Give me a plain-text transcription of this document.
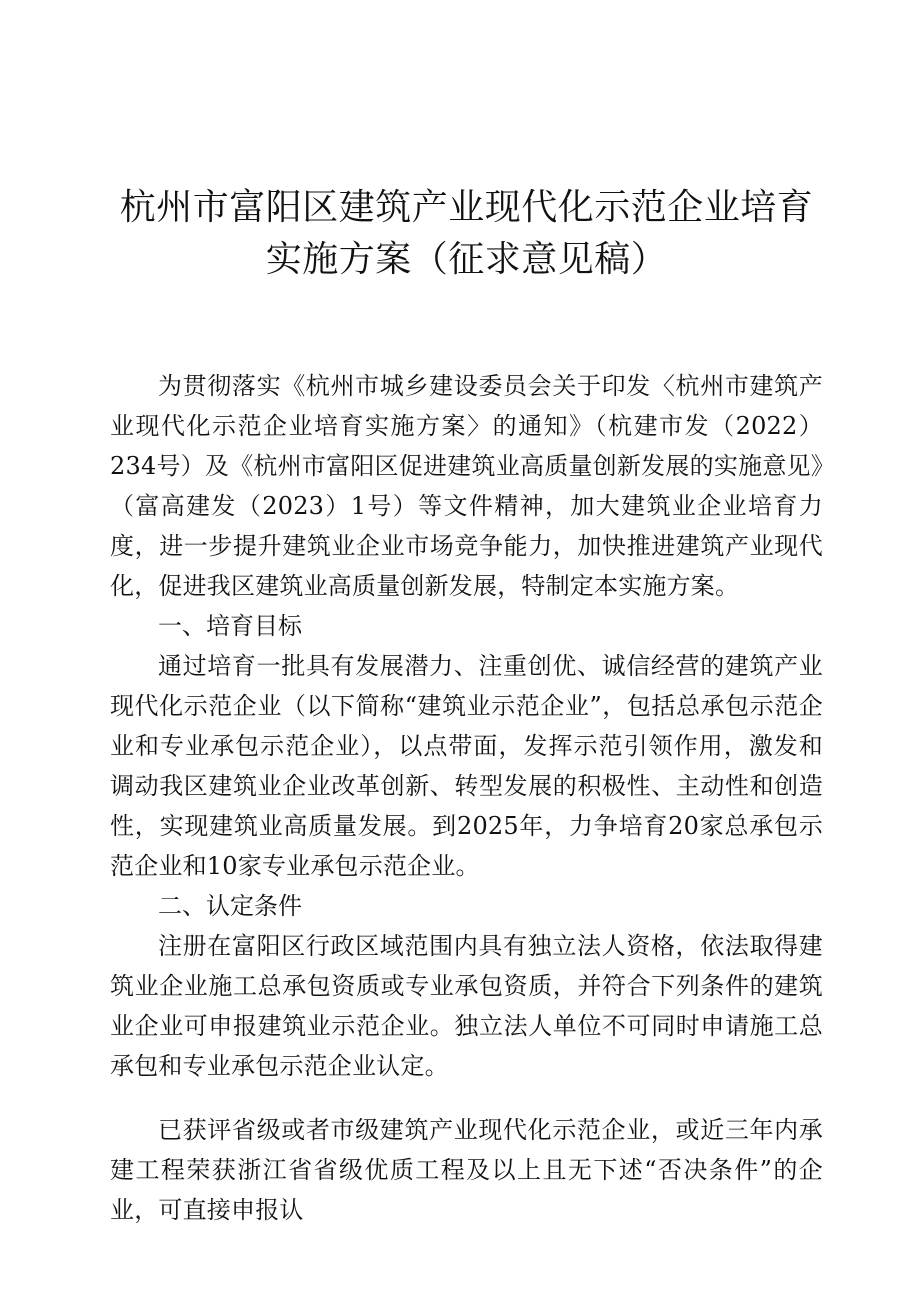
杭州市富阳区建筑产业现代化示范企业培育
实施方案（征求意见稿）

为贯彻落实《杭州市城乡建设委员会关于印发〈杭州市建筑产业现代化示范企业培育实施方案〉的通知》（杭建市发（2022）234号）及《杭州市富阳区促进建筑业高质量创新发展的实施意见》（富高建发（2023）1号）等文件精神，加大建筑业企业培育力度，进一步提升建筑业企业市场竞争能力，加快推进建筑产业现代化，促进我区建筑业高质量创新发展，特制定本实施方案。

一、培育目标

通过培育一批具有发展潜力、注重创优、诚信经营的建筑产业现代化示范企业（以下简称“建筑业示范企业”，包括总承包示范企业和专业承包示范企业），以点带面，发挥示范引领作用，激发和调动我区建筑业企业改革创新、转型发展的积极性、主动性和创造性，实现建筑业高质量发展。到2025年，力争培育20家总承包示范企业和10家专业承包示范企业。

二、认定条件

注册在富阳区行政区域范围内具有独立法人资格，依法取得建筑业企业施工总承包资质或专业承包资质，并符合下列条件的建筑业企业可申报建筑业示范企业。独立法人单位不可同时申请施工总承包和专业承包示范企业认定。

已获评省级或者市级建筑产业现代化示范企业，或近三年内承建工程荣获浙江省省级优质工程及以上且无下述“否决条件”的企业，可直接申报认
